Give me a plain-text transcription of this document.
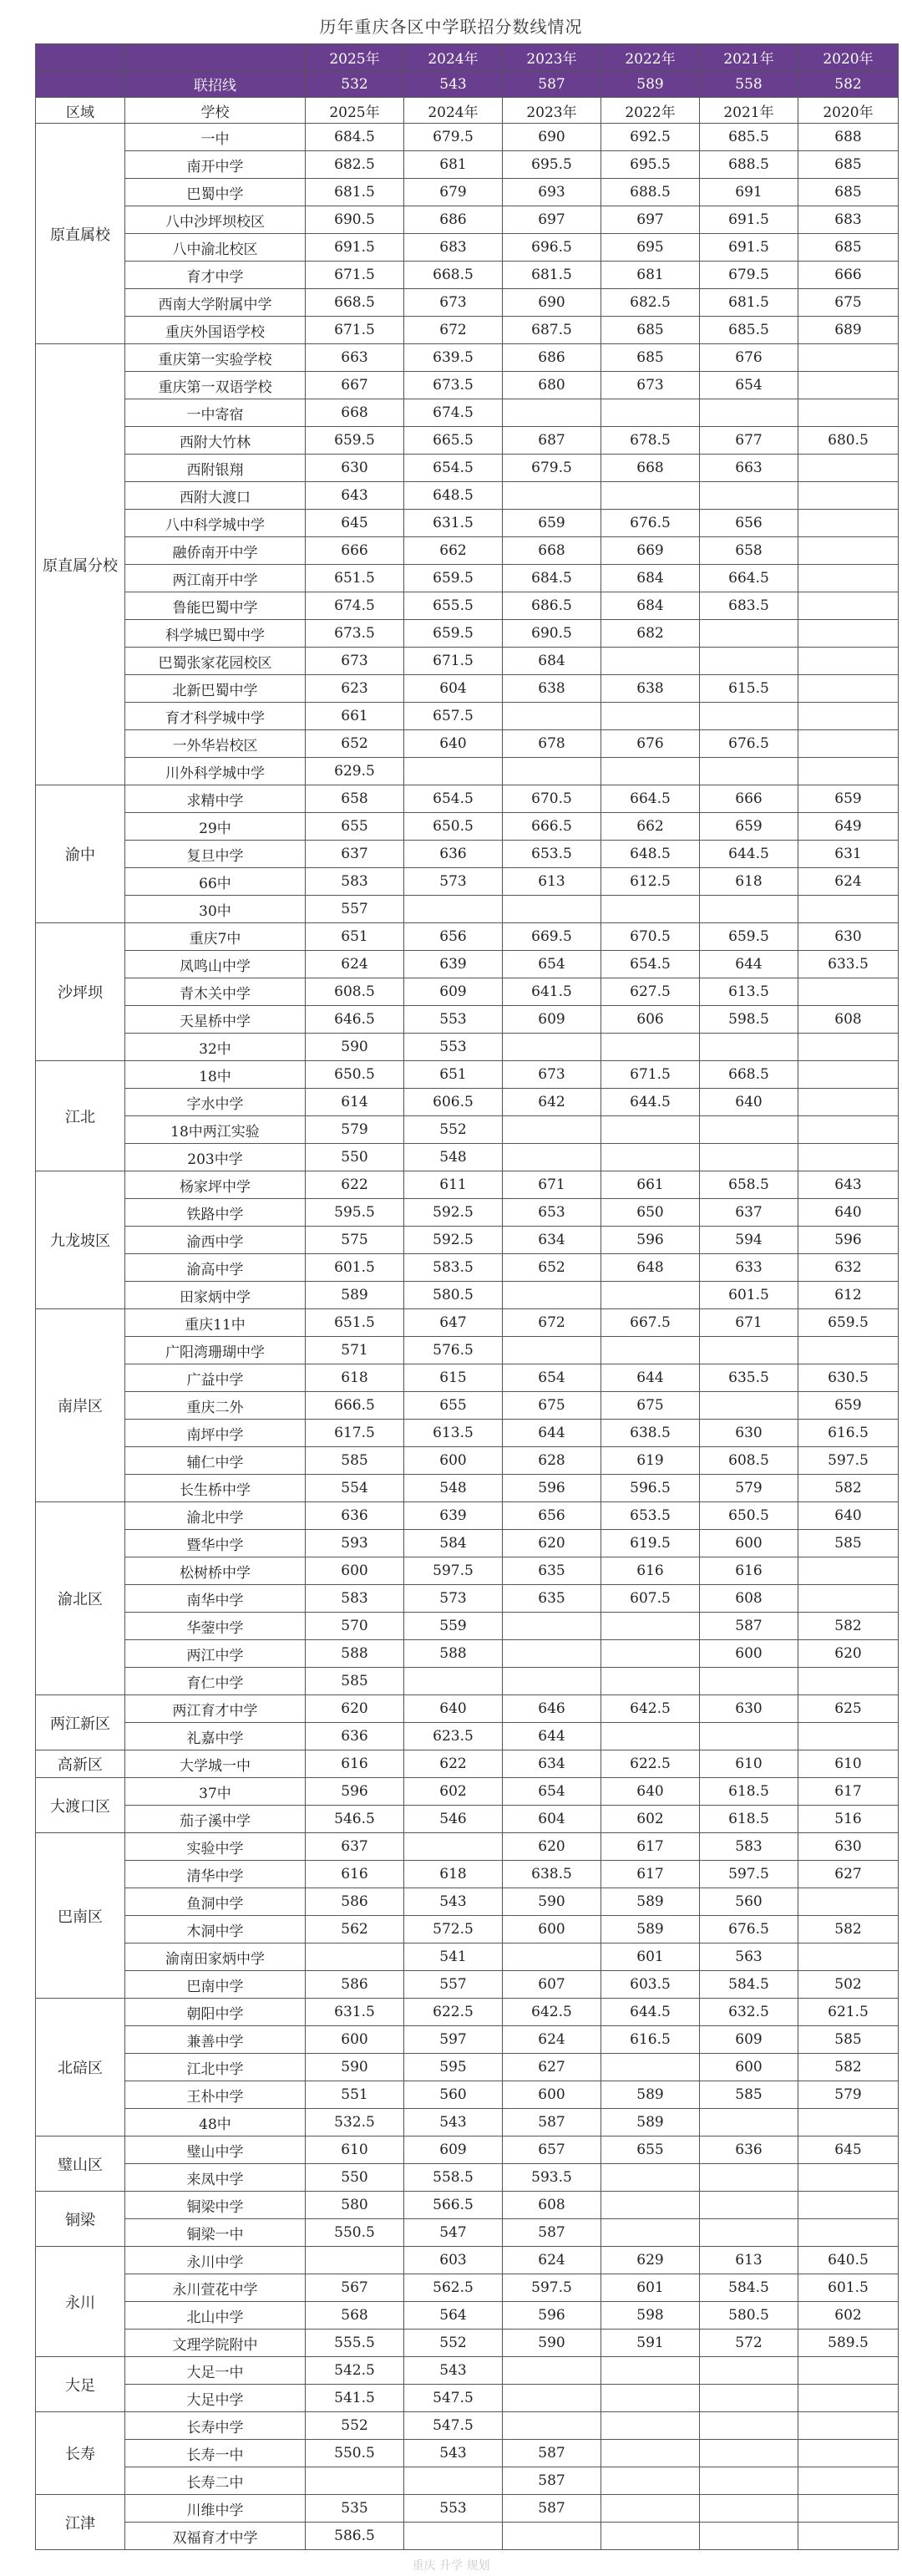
历年重庆各区中学联招分数线情况
		2025年	2024年	2023年	2022年	2021年	2020年
	联招线	532	543	587	589	558	582
区域	学校	2025年	2024年	2023年	2022年	2021年	2020年
原直属校	一中	684.5	679.5	690	692.5	685.5	688
	南开中学	682.5	681	695.5	695.5	688.5	685
	巴蜀中学	681.5	679	693	688.5	691	685
	八中沙坪坝校区	690.5	686	697	697	691.5	683
	八中渝北校区	691.5	683	696.5	695	691.5	685
	育才中学	671.5	668.5	681.5	681	679.5	666
	西南大学附属中学	668.5	673	690	682.5	681.5	675
	重庆外国语学校	671.5	672	687.5	685	685.5	689
原直属分校	重庆第一实验学校	663	639.5	686	685	676	
	重庆第一双语学校	667	673.5	680	673	654	
	一中寄宿	668	674.5				
	西附大竹林	659.5	665.5	687	678.5	677	680.5
	西附银翔	630	654.5	679.5	668	663	
	西附大渡口	643	648.5				
	八中科学城中学	645	631.5	659	676.5	656	
	融侨南开中学	666	662	668	669	658	
	两江南开中学	651.5	659.5	684.5	684	664.5	
	鲁能巴蜀中学	674.5	655.5	686.5	684	683.5	
	科学城巴蜀中学	673.5	659.5	690.5	682		
	巴蜀张家花园校区	673	671.5	684			
	北新巴蜀中学	623	604	638	638	615.5	
	育才科学城中学	661	657.5				
	一外华岩校区	652	640	678	676	676.5	
	川外科学城中学	629.5					
渝中	求精中学	658	654.5	670.5	664.5	666	659
	29中	655	650.5	666.5	662	659	649
	复旦中学	637	636	653.5	648.5	644.5	631
	66中	583	573	613	612.5	618	624
	30中	557					
沙坪坝	重庆7中	651	656	669.5	670.5	659.5	630
	凤鸣山中学	624	639	654	654.5	644	633.5
	青木关中学	608.5	609	641.5	627.5	613.5	
	天星桥中学	646.5	553	609	606	598.5	608
	32中	590	553				
江北	18中	650.5	651	673	671.5	668.5	
	字水中学	614	606.5	642	644.5	640	
	18中两江实验	579	552				
	203中学	550	548				
九龙坡区	杨家坪中学	622	611	671	661	658.5	643
	铁路中学	595.5	592.5	653	650	637	640
	渝西中学	575	592.5	634	596	594	596
	渝高中学	601.5	583.5	652	648	633	632
	田家炳中学	589	580.5			601.5	612
南岸区	重庆11中	651.5	647	672	667.5	671	659.5
	广阳湾珊瑚中学	571	576.5				
	广益中学	618	615	654	644	635.5	630.5
	重庆二外	666.5	655	675	675		659
	南坪中学	617.5	613.5	644	638.5	630	616.5
	辅仁中学	585	600	628	619	608.5	597.5
	长生桥中学	554	548	596	596.5	579	582
渝北区	渝北中学	636	639	656	653.5	650.5	640
	暨华中学	593	584	620	619.5	600	585
	松树桥中学	600	597.5	635	616	616	
	南华中学	583	573	635	607.5	608	
	华蓥中学	570	559			587	582
	两江中学	588	588			600	620
	育仁中学	585					
两江新区	两江育才中学	620	640	646	642.5	630	625
	礼嘉中学	636	623.5	644			
高新区	大学城一中	616	622	634	622.5	610	610
大渡口区	37中	596	602	654	640	618.5	617
	茄子溪中学	546.5	546	604	602	618.5	516
巴南区	实验中学	637		620	617	583	630
	清华中学	616	618	638.5	617	597.5	627
	鱼洞中学	586	543	590	589	560	
	木洞中学	562	572.5	600	589	676.5	582
	渝南田家炳中学		541		601	563	
	巴南中学	586	557	607	603.5	584.5	502
北碚区	朝阳中学	631.5	622.5	642.5	644.5	632.5	621.5
	兼善中学	600	597	624	616.5	609	585
	江北中学	590	595	627		600	582
	王朴中学	551	560	600	589	585	579
	48中	532.5	543	587	589		
璧山区	璧山中学	610	609	657	655	636	645
	来凤中学	550	558.5	593.5			
铜梁	铜梁中学	580	566.5	608			
	铜梁一中	550.5	547	587			
永川	永川中学		603	624	629	613	640.5
	永川萱花中学	567	562.5	597.5	601	584.5	601.5
	北山中学	568	564	596	598	580.5	602
	文理学院附中	555.5	552	590	591	572	589.5
大足	大足一中	542.5	543				
	大足中学	541.5	547.5				
长寿	长寿中学	552	547.5				
	长寿一中	550.5	543	587			
	长寿二中			587			
江津	川维中学	535	553	587			
	双福育才中学	586.5					
重庆 升学 规划
